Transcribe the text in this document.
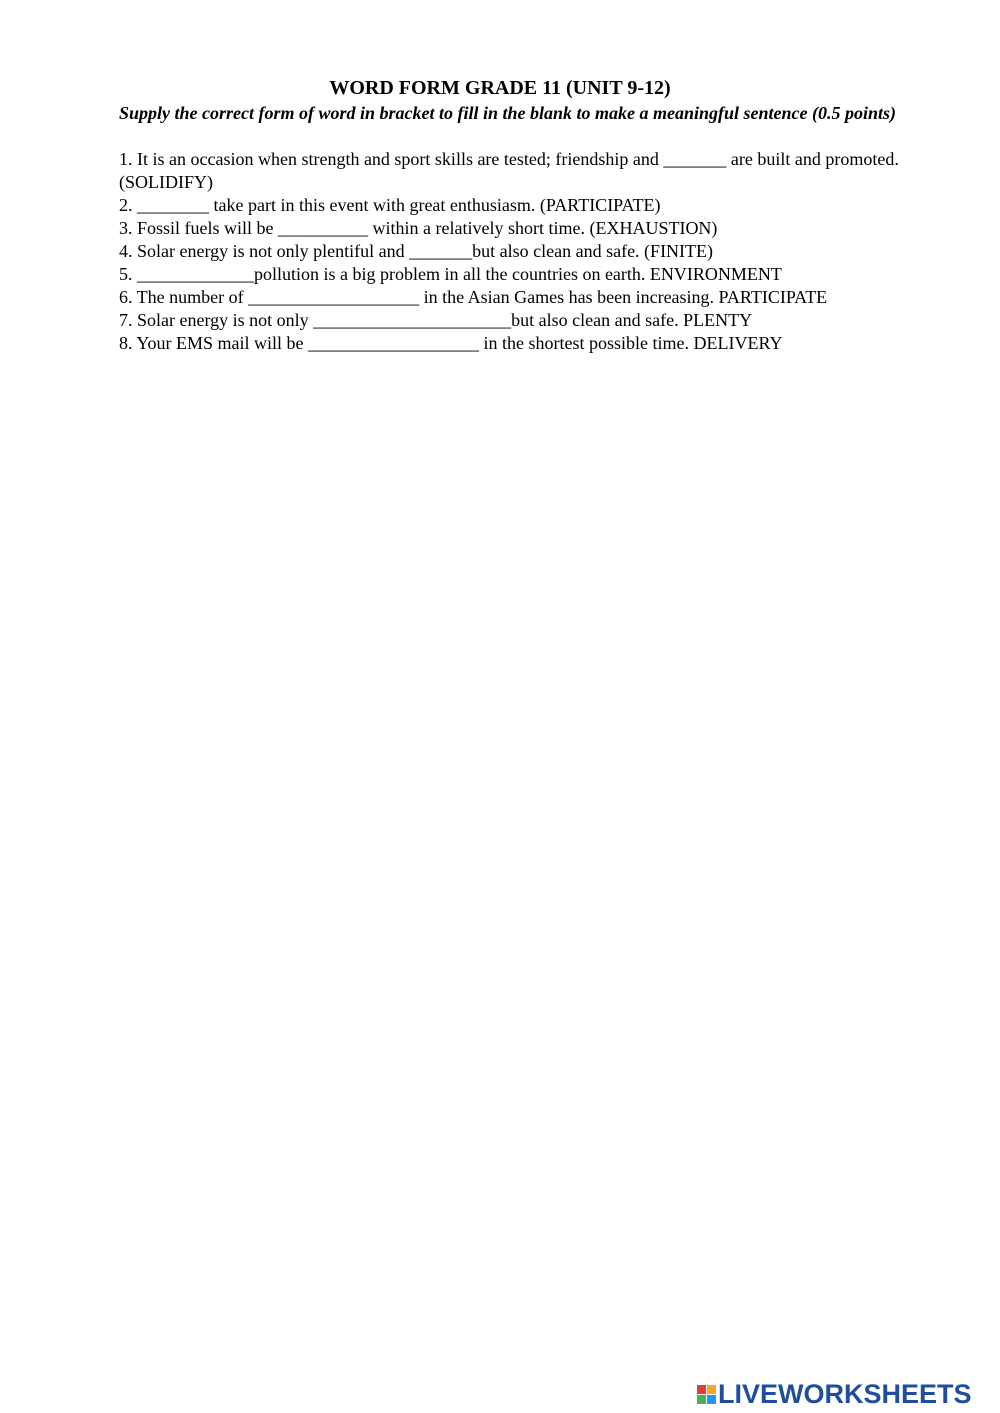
WORD FORM GRADE 11 (UNIT 9-12)
Supply the correct form of word in bracket to fill in the blank to make a meaningful sentence (0.5 points)
1. It is an occasion when strength and sport skills are tested; friendship and _______ are built and promoted. (SOLIDIFY)
2. ________ take part in this event with great enthusiasm. (PARTICIPATE)
3. Fossil fuels will be __________ within a relatively short time. (EXHAUSTION)
4. Solar energy is not only plentiful and _______but also clean and safe. (FINITE)
5. _____________pollution is a big problem in all the countries on earth. ENVIRONMENT
6. The number of ___________________ in the Asian Games has been increasing. PARTICIPATE
7. Solar energy is not only ______________________but also clean and safe. PLENTY
8. Your EMS mail will be ___________________ in the shortest possible time. DELIVERY
LIVEWORKSHEETS
